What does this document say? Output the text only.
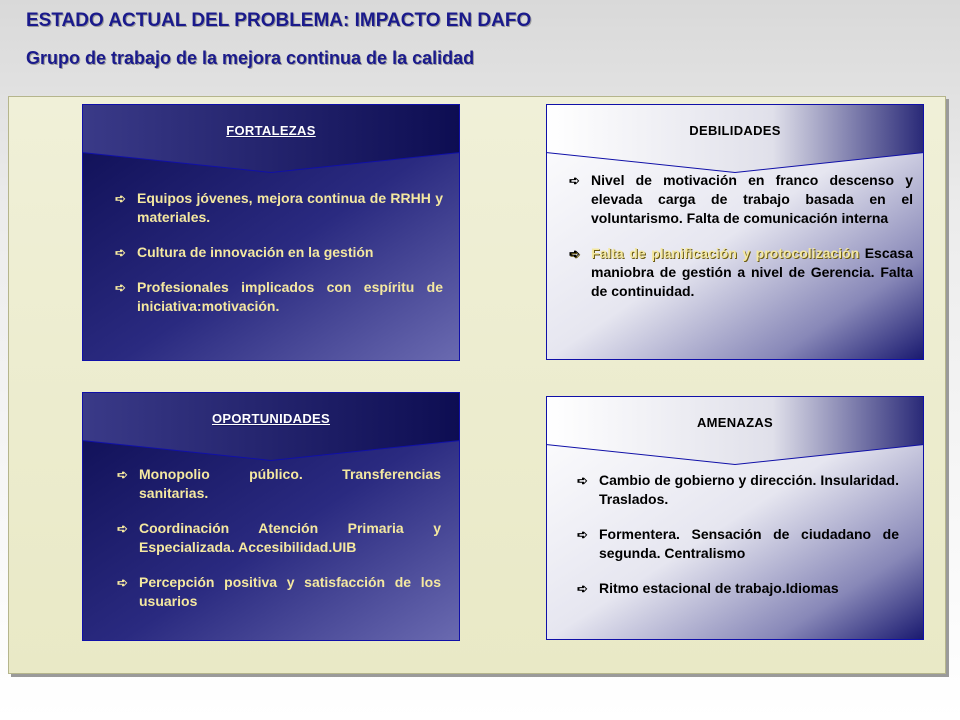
ESTADO ACTUAL DEL PROBLEMA: IMPACTO EN DAFO
Grupo de trabajo de la mejora continua de la calidad
FORTALEZAS
➪ Equipos jóvenes, mejora continua de RRHH y materiales.
➪ Cultura de innovación en la gestión
➪ Profesionales implicados con espíritu de iniciativa:motivación.
DEBILIDADES
➪ Nivel de motivación en franco descenso y elevada carga de trabajo basada en el voluntarismo. Falta de comunicación interna
➪ Falta de planificación y protocolización Escasa maniobra de gestión a nivel de Gerencia. Falta de continuidad.
OPORTUNIDADES
➪ Monopolio público. Transferencias sanitarias.
➪ Coordinación Atención Primaria y Especializada. Accesibilidad.UIB
➪ Percepción positiva y satisfacción de los usuarios
AMENAZAS
➪ Cambio de gobierno y dirección. Insularidad. Traslados.
➪ Formentera. Sensación de ciudadano de segunda. Centralismo
➪ Ritmo estacional de trabajo.Idiomas
